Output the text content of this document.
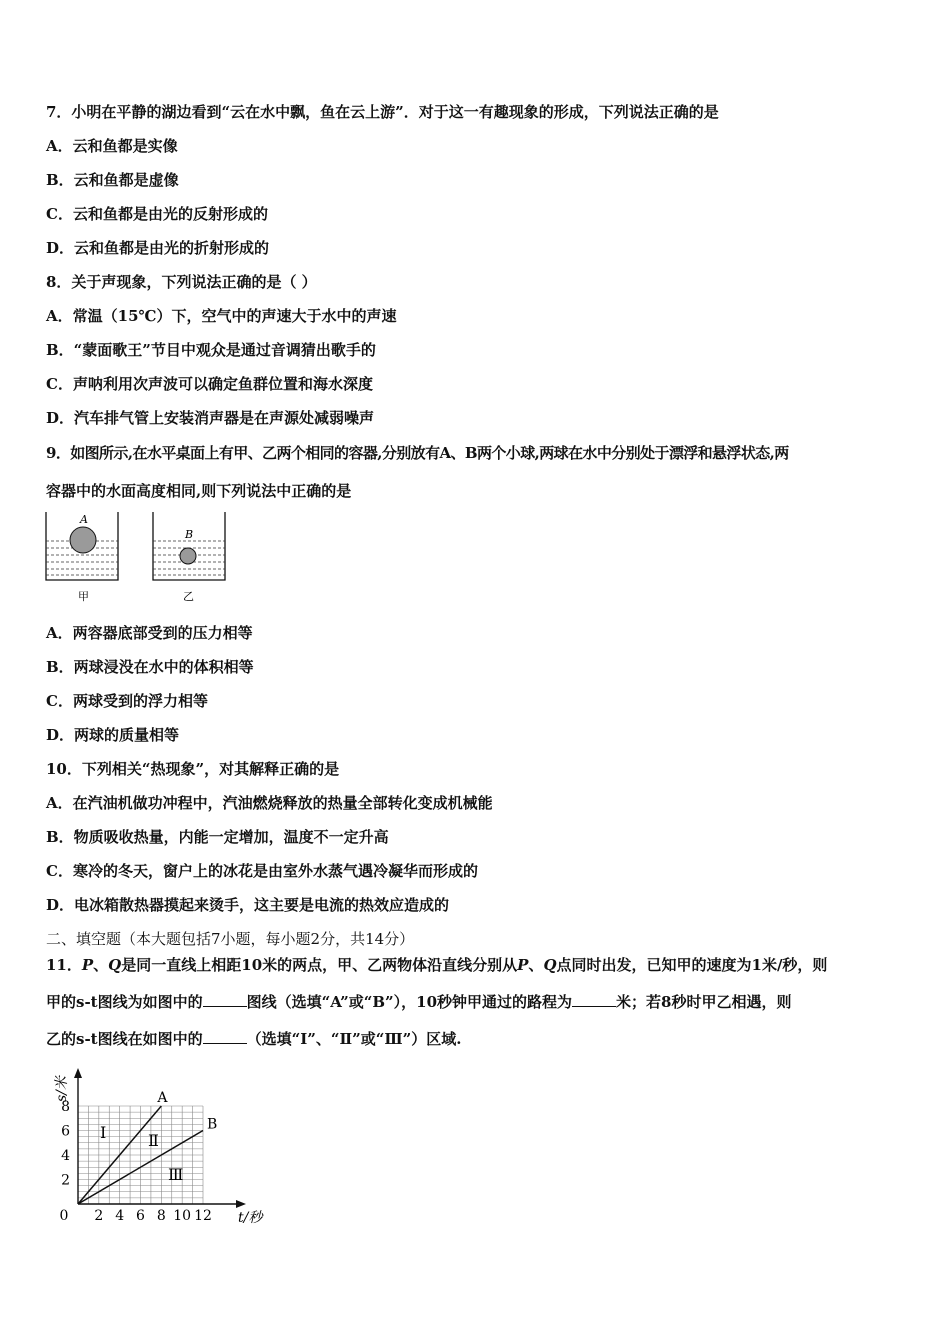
7．小明在平静的湖边看到“云在水中飘，鱼在云上游”．对于这一有趣现象的形成，下列说法正确的是
A．云和鱼都是实像
B．云和鱼都是虚像
C．云和鱼都是由光的反射形成的
D．云和鱼都是由光的折射形成的
8．关于声现象，下列说法正确的是（ ）
A．常温（15℃）下，空气中的声速大于水中的声速
B．“蒙面歌王”节目中观众是通过音调猜出歌手的
C．声呐利用次声波可以确定鱼群位置和海水深度
D．汽车排气管上安装消声器是在声源处减弱噪声
9．如图所示,在水平桌面上有甲、乙两个相同的容器,分别放有A、B两个小球,两球在水中分别处于漂浮和悬浮状态,两
容器中的水面高度相同,则下列说法中正确的是
A
B
甲	乙
A．两容器底部受到的压力相等
B．两球浸没在水中的体积相等
C．两球受到的浮力相等
D．两球的质量相等
10．下列相关“热现象”，对其解释正确的是
A．在汽油机做功冲程中，汽油燃烧释放的热量全部转化变成机械能
B．物质吸收热量，内能一定增加，温度不一定升高
C．寒冷的冬天，窗户上的冰花是由室外水蒸气遇冷凝华而形成的
D．电冰箱散热器摸起来烫手，这主要是电流的热效应造成的
二、填空题（本大题包括7小题，每小题2分，共14分）
11．P、Q是同一直线上相距10米的两点，甲、乙两物体沿直线分别从P、Q点同时出发，已知甲的速度为1米/秒，则
甲的s-t图线为如图中的	图线（选填“A”或“B”），10秒钟甲通过的路程为	米；若8秒时甲乙相遇，则
乙的s-t图线在如图中的	（选填“Ⅰ”、“Ⅱ”或“Ⅲ”）区域.
0 2 4 6 8 10 12
2
4
6
8
A
B
t/秒
s/米
Ⅰ	Ⅱ
Ⅲ
